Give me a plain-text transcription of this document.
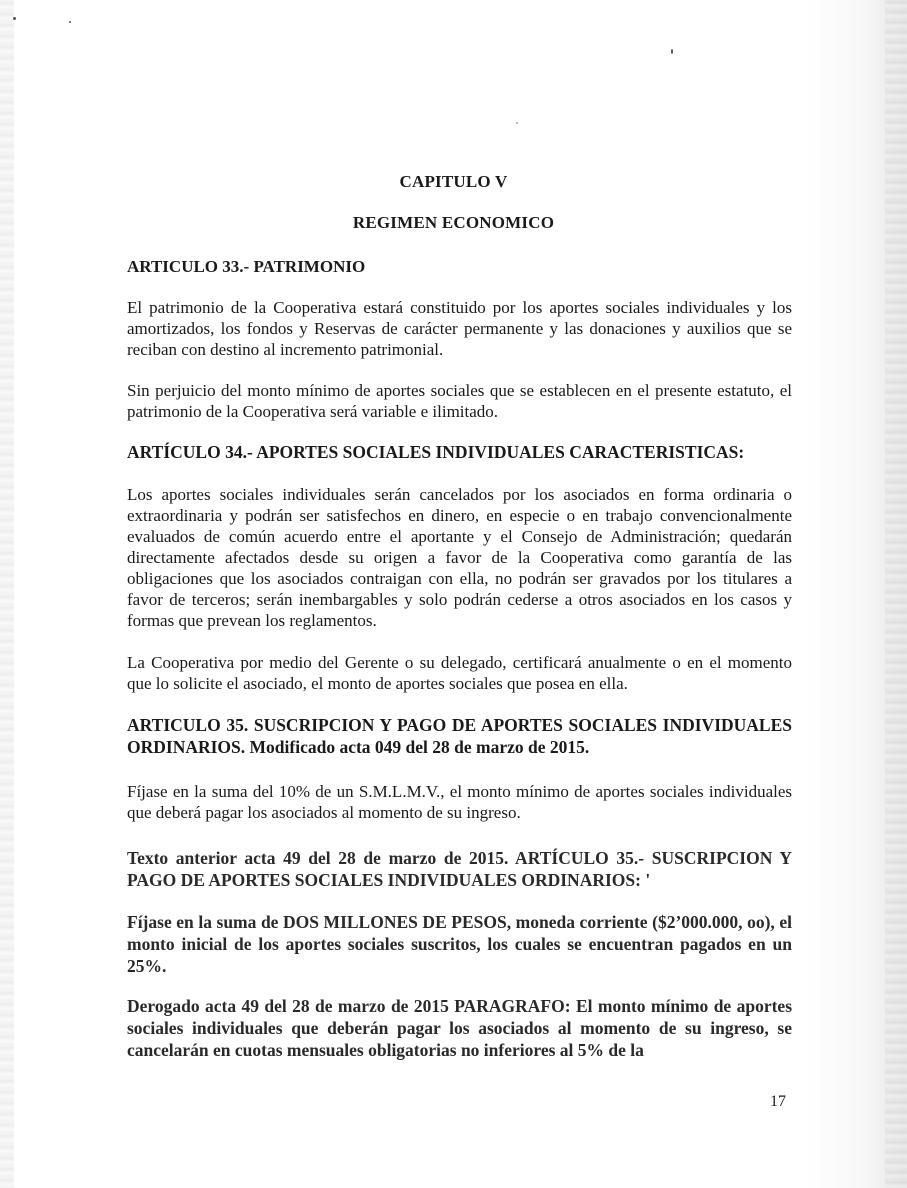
CAPITULO V
REGIMEN ECONOMICO
ARTICULO 33.- PATRIMONIO
El patrimonio de la Cooperativa estará constituido por los aportes sociales individuales y los amortizados, los fondos y Reservas de carácter permanente y las donaciones y auxilios que se reciban con destino al incremento patrimonial.
Sin perjuicio del monto mínimo de aportes sociales que se establecen en el presente estatuto, el patrimonio de la Cooperativa será variable e ilimitado.
ARTÍCULO 34.- APORTES SOCIALES INDIVIDUALES CARACTERISTICAS:
Los aportes sociales individuales serán cancelados por los asociados en forma ordinaria o extraordinaria y podrán ser satisfechos en dinero, en especie o en trabajo convencionalmente evaluados de común acuerdo entre el aportante y el Consejo de Administración; quedarán directamente afectados desde su origen a favor de la Cooperativa como garantía de las obligaciones que los asociados contraigan con ella, no podrán ser gravados por los titulares a favor de terceros; serán inembargables y solo podrán cederse a otros asociados en los casos y formas que prevean los reglamentos.
La Cooperativa por medio del Gerente o su delegado, certificará anualmente o en el momento que lo solicite el asociado, el monto de aportes sociales que posea en ella.
ARTICULO 35. SUSCRIPCION Y PAGO DE APORTES SOCIALES INDIVIDUALES ORDINARIOS. Modificado acta 049 del 28 de marzo de 2015.
Fíjase en la suma del 10% de un S.M.L.M.V., el monto mínimo de aportes sociales individuales que deberá pagar los asociados al momento de su ingreso.
Texto anterior acta 49 del 28 de marzo de 2015. ARTÍCULO 35.- SUSCRIPCION Y PAGO DE APORTES SOCIALES INDIVIDUALES ORDINARIOS: '
Fíjase en la suma de DOS MILLONES DE PESOS, moneda corriente ($2’000.000, oo), el monto inicial de los aportes sociales suscritos, los cuales se encuentran pagados en un 25%.
Derogado acta 49 del 28 de marzo de 2015 PARAGRAFO: El monto mínimo de aportes sociales individuales que deberán pagar los asociados al momento de su ingreso, se cancelarán en cuotas mensuales obligatorias no inferiores al 5% de la
17
